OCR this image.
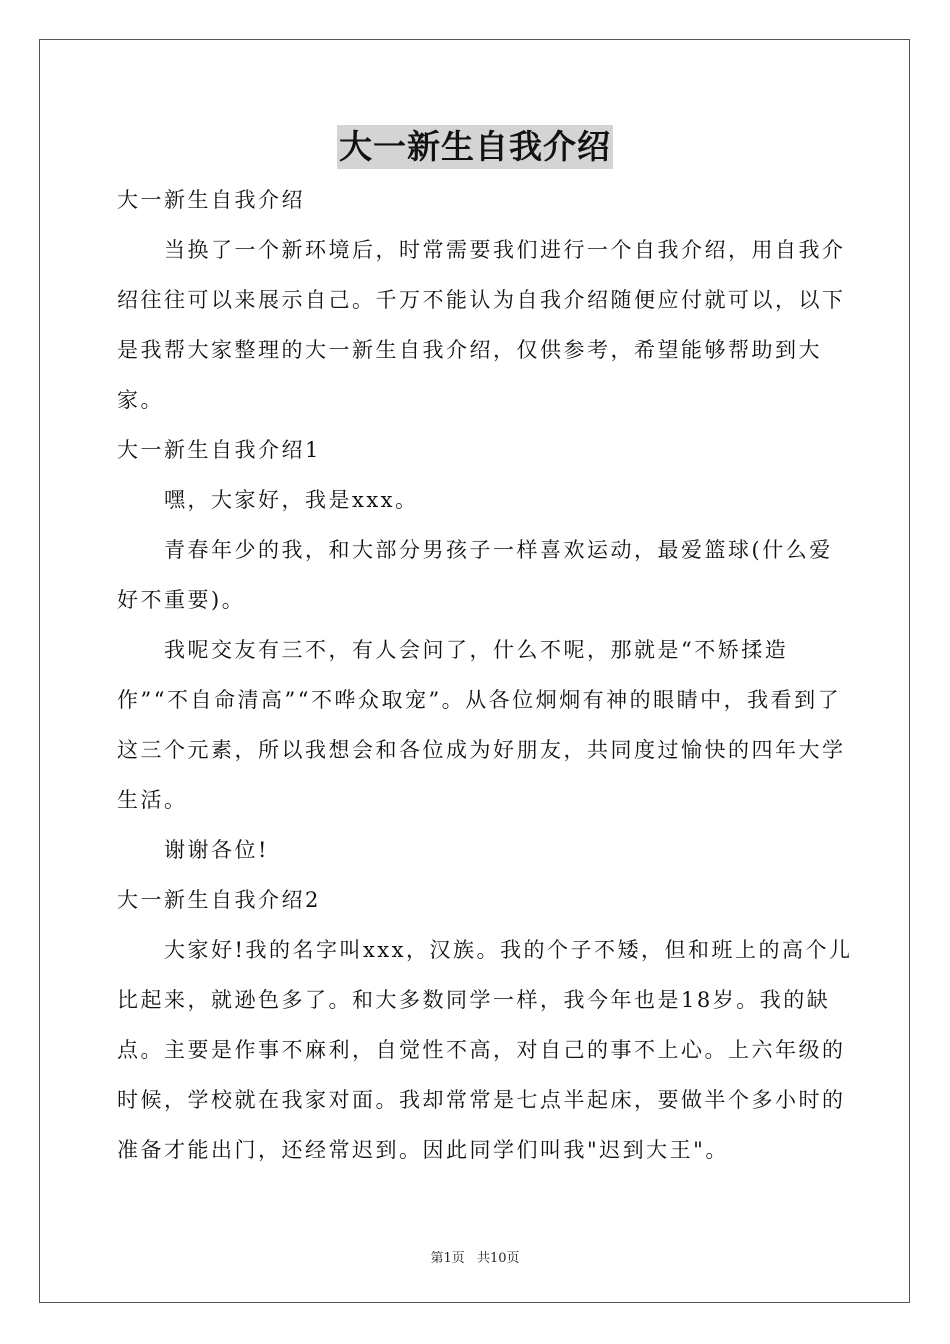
大一新生自我介绍

大一新生自我介绍

当换了一个新环境后，时常需要我们进行一个自我介绍，用自我介绍往往可以来展示自己。千万不能认为自我介绍随便应付就可以，以下是我帮大家整理的大一新生自我介绍，仅供参考，希望能够帮助到大家。

大一新生自我介绍1

嘿，大家好，我是xxx。

青春年少的我，和大部分男孩子一样喜欢运动，最爱篮球(什么爱好不重要)。

我呢交友有三不，有人会问了，什么不呢，那就是“不矫揉造作”“不自命清高”“不哗众取宠”。从各位炯炯有神的眼睛中，我看到了这三个元素，所以我想会和各位成为好朋友，共同度过愉快的四年大学生活。

谢谢各位!

大一新生自我介绍2

大家好!我的名字叫xxx，汉族。我的个子不矮，但和班上的高个儿比起来，就逊色多了。和大多数同学一样，我今年也是18岁。我的缺点。主要是作事不麻利，自觉性不高，对自己的事不上心。上六年级的时候，学校就在我家对面。我却常常是七点半起床，要做半个多小时的准备才能出门，还经常迟到。因此同学们叫我"迟到大王"。

第1页 共10页
